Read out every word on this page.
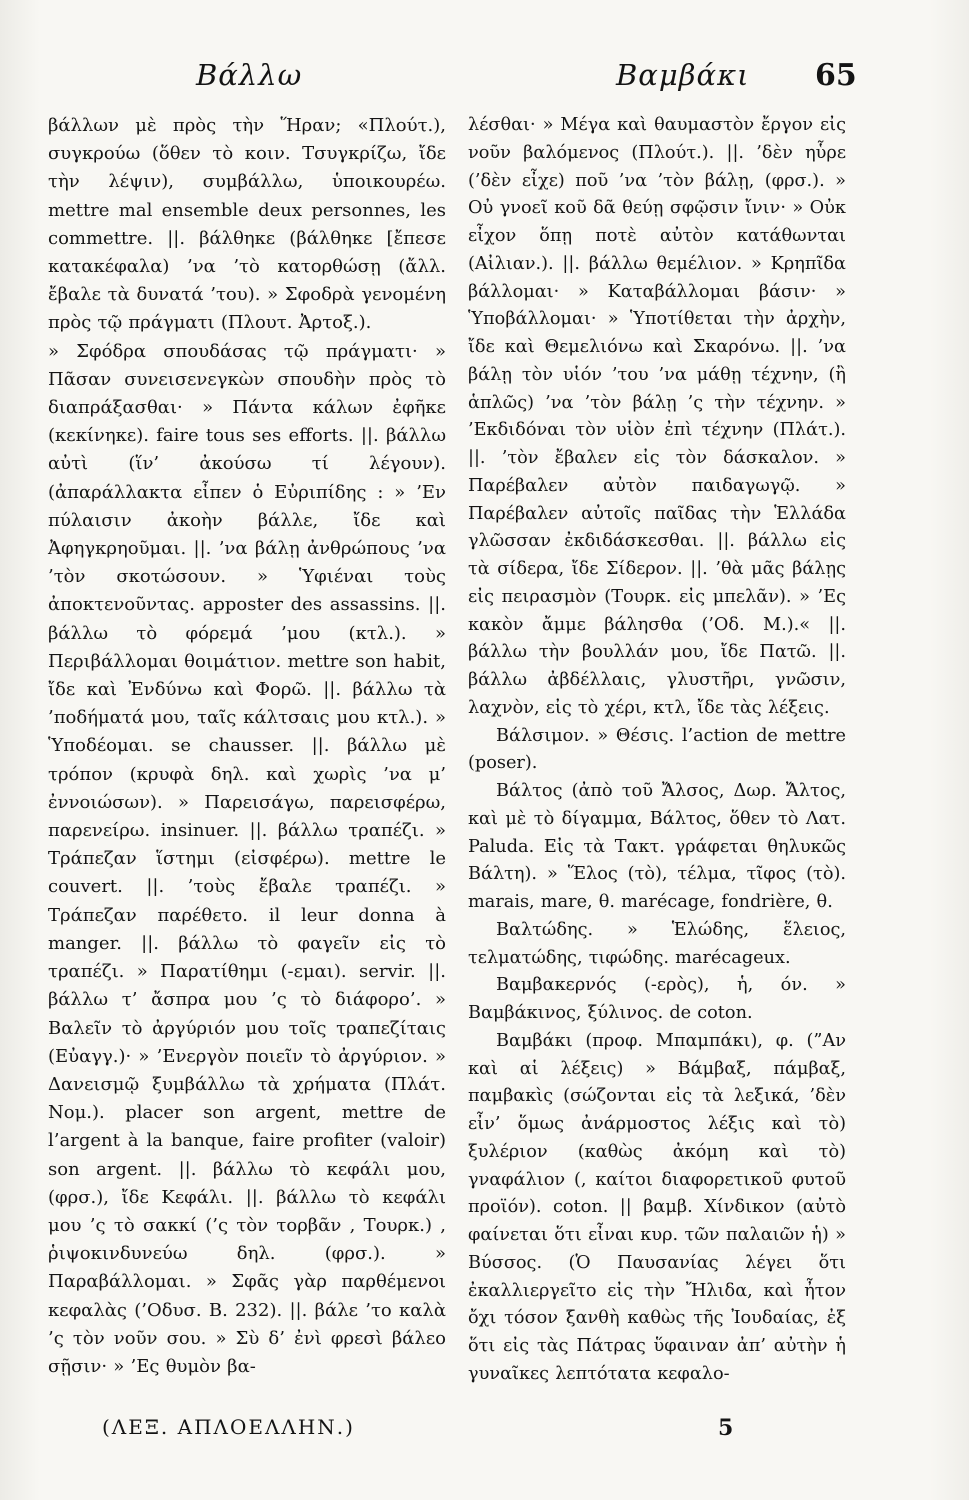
Βάλλω	Βαμβάκι 65

βάλλων μὲ πρὸς τὴν Ἥραν; «Πλούτ.), συγκρούω (ὅθεν τὸ κοιν. Τσυγκρίζω, ἴδε τὴν λέψιν), συμβάλλω, ὑποικουρέω. mettre mal ensemble deux personnes, les commettre. ||. βάλθηκε (βάλθηκε [ἔπεσε κατακέφαλα) ’να ’τὸ κατορθώσῃ (ἄλλ. ἔβαλε τὰ δυνατά ’του). » Σφοδρὰ γενομένη πρὸς τῷ πράγματι (Πλουτ. Ἀρτοξ.).

» Σφόδρα σπουδάσας τῷ πράγματι· » Πᾶσαν συνεισενεγκὼν σπουδὴν πρὸς τὸ διαπράξασθαι· » Πάντα κάλων ἐφῆκε (κεκίνηκε). faire tous ses efforts. ||. βάλλω αὐτὶ (ἵν’ ἀκούσω τί λέγουν). (ἀπαράλλακτα εἶπεν ὁ Εὐριπίδης : » ’Εν πύλαισιν ἀκοὴν βάλλε, ἴδε καὶ Ἀφηγκρηοῦμαι. ||. ’να βάλῃ ἀνθρώπους ’να ’τὸν σκοτώσουν. » Ὑφιέναι τοὺς ἀποκτενοῦντας. apposter des assassins. ||. βάλλω τὸ φόρεμά ’μου (κτλ.). » Περιβάλλομαι θοιμάτιον. mettre son habit, ἴδε καὶ Ἐνδύνω καὶ Φορῶ. ||. βάλλω τὰ ’ποδήματά μου, ταῖς κάλτσαις μου κτλ.). » Ὑποδέομαι. se chausser. ||. βάλλω μὲ τρόπον (κρυφὰ δηλ. καὶ χωρὶς ’να μ’ ἐννοιώσων). » Παρεισάγω, παρεισφέρω, παρενείρω. insinuer. ||. βάλλω τραπέζι. » Τράπεζαν ἵστημι (εἰσφέρω). mettre le couvert. ||. ’τοὺς ἔβαλε τραπέζι. » Τράπεζαν παρέθετο. il leur donna à manger. ||. βάλλω τὸ φαγεῖν εἰς τὸ τραπέζι. » Παρατίθημι (-εμαι). servir. ||. βάλλω τ’ ἄσπρα μου ’ς τὸ διάφορο’. » Βαλεῖν τὸ ἀργύριόν μου τοῖς τραπεζίταις (Εὐαγγ.)· » ’Ενεργὸν ποιεῖν τὸ ἀργύριον. » Δανεισμῷ ξυμβάλλω τὰ χρήματα (Πλάτ. Νομ.). placer son argent, mettre de l’argent à la banque, faire profiter (valoir) son argent. ||. βάλλω τὸ κεφάλι μου, (φρσ.), ἴδε Κεφάλι. ||. βάλλω τὸ κεφάλι μου ’ς τὸ σακκί (’ς τὸν τορβᾶν , Τουρκ.) , ῥιψοκινδυνεύω δηλ. (φρσ.). » Παραβάλλομαι. » Σφᾶς γὰρ παρθέμενοι κεφαλὰς (’Οδυσ. Β. 232). ||. βάλε ’το καλὰ ’ς τὸν νοῦν σου. » Σὺ δ’ ἐνὶ φρεσὶ βάλεο σῇσιν· » ’Ες θυμὸν βα-

λέσθαι· » Μέγα καὶ θαυμαστὸν ἔργον εἰς νοῦν βαλόμενος (Πλούτ.). ||. ’δὲν ηὗρε (’δὲν εἶχε) ποῦ ’να ’τὸν βάλῃ, (φρσ.). » Οὐ γνοεῖ κοῦ δᾶ θεύῃ σφῷσιν ἴνιν· » Οὐκ εἶχον ὅπῃ ποτὲ αὐτὸν κατάθωνται (Αἰλιαν.). ||. βάλλω θεμέλιον. » Κρηπῖδα βάλλομαι· » Καταβάλλομαι βάσιν· » Ὑποβάλλομαι· » Ὑποτίθεται τὴν ἀρχὴν, ἴδε καὶ Θεμελιόνω καὶ Σκαρόνω. ||. ’να βάλῃ τὸν υἱόν ’του ’να μάθῃ τέχνην, (ἢ ἁπλῶς) ’να ’τὸν βάλῃ ’ς τὴν τέχνην. » ’Εκδιδόναι τὸν υἱὸν ἐπὶ τέχνην (Πλάτ.). ||. ’τὸν ἔβαλεν εἰς τὸν δάσκαλον. » Παρέβαλεν αὐτὸν παιδαγωγῷ. » Παρέβαλεν αὐτοῖς παῖδας τὴν Ἑλλάδα γλῶσσαν ἐκδιδάσκεσθαι. ||. βάλλω εἰς τὰ σίδερα, ἴδε Σίδερον. ||. ’θὰ μᾶς βάλῃς εἰς πειρασμὸν (Τουρκ. εἰς μπελᾶν). » ’Ες κακὸν ἄμμε βάλησθα (’Οδ. Μ.).« ||. βάλλω τὴν βουλλάν μου, ἴδε Πατῶ. ||. βάλλω ἀβδέλλαις, γλυστῆρι, γνῶσιν, λαχνὸν, εἰς τὸ χέρι, κτλ, ἴδε τὰς λέξεις.

Βάλσιμον. » Θέσις. l’action de mettre (poser).

Βάλτος (ἀπὸ τοῦ Ἄλσος, Δωρ. Ἄλτος, καὶ μὲ τὸ δίγαμμα, Βάλτος, ὅθεν τὸ Λατ. Paluda. Εἰς τὰ Τακτ. γράφεται θηλυκῶς Βάλτη). » Ἕλος (τὸ), τέλμα, τῖφος (τὸ). marais, mare, θ. marécage, fondrière, θ.

Βαλτώδης. » Ἑλώδης, ἕλειος, τελματώδης, τιφώδης. marécageux.

Βαμβακερνός (-ερὸς), ἡ, όν. » Βαμβάκινος, ξύλινος. de coton.

Βαμβάκι (προφ. Μπαμπάκι), φ. (”Αν καὶ αἱ λέξεις) » Βάμβαξ, πάμβαξ, παμβακὶς (σώζονται εἰς τὰ λεξικά, ’δὲν εἶν’ ὅμως ἀνάρμοστος λέξις καὶ τὸ) ξυλέριον (καθὼς ἀκόμη καὶ τὸ) γναφάλιον (, καίτοι διαφορετικοῦ φυτοῦ προϊόν). coton. || βαμβ. Χίνδικον (αὐτὸ φαίνεται ὅτι εἶναι κυρ. τῶν παλαιῶν ἡ) » Βύσσος. (Ὁ Παυσανίας λέγει ὅτι ἐκαλλιεργεῖτο εἰς τὴν Ἤλιδα, καὶ ἦτον ὄχι τόσον ξανθὴ καθὼς τῆς Ἰουδαίας, ἐξ ὅτι εἰς τὰς Πάτρας ὕφαιναν ἀπ’ αὐτὴν ἡ γυναῖκες λεπτότατα κεφαλο-

(ΛΕΞ. ΑΠΛΟΕΛΛΗΝ.)	5
